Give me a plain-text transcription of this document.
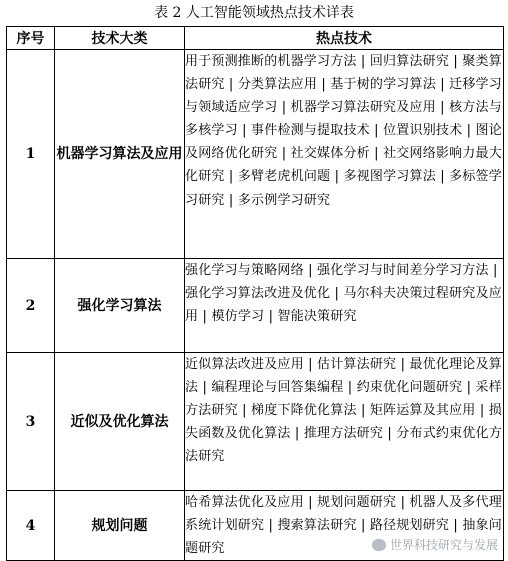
表 2 人工智能领域热点技术详表
序号	技术大类	热点技术
1	机器学习算法及应用	用于预测推断的机器学习方法 | 回归算法研究 | 聚类算法研究 | 分类算法应用 | 基于树的学习算法 | 迁移学习与领域适应学习 | 机器学习算法研究及应用 | 核方法与多核学习 | 事件检测与提取技术 | 位置识别技术 | 图论及网络优化研究 | 社交媒体分析 | 社交网络影响力最大化研究 | 多臂老虎机问题 | 多视图学习算法 | 多标签学习研究 | 多示例学习研究
2	强化学习算法	强化学习与策略网络 | 强化学习与时间差分学习方法 | 强化学习算法改进及优化 | 马尔科夫决策过程研究及应用 | 模仿学习 | 智能决策研究
3	近似及优化算法	近似算法改进及应用 | 估计算法研究 | 最优化理论及算法 | 编程理论与回答集编程 | 约束优化问题研究 | 采样方法研究 | 梯度下降优化算法 | 矩阵运算及其应用 | 损失函数及优化算法 | 推理方法研究 | 分布式约束优化方法研究
4	规划问题	哈希算法优化及应用 | 规划问题研究 | 机器人及多代理系统计划研究 | 搜索算法研究 | 路径规划研究 | 抽象问题研究	世界科技研究与发展
